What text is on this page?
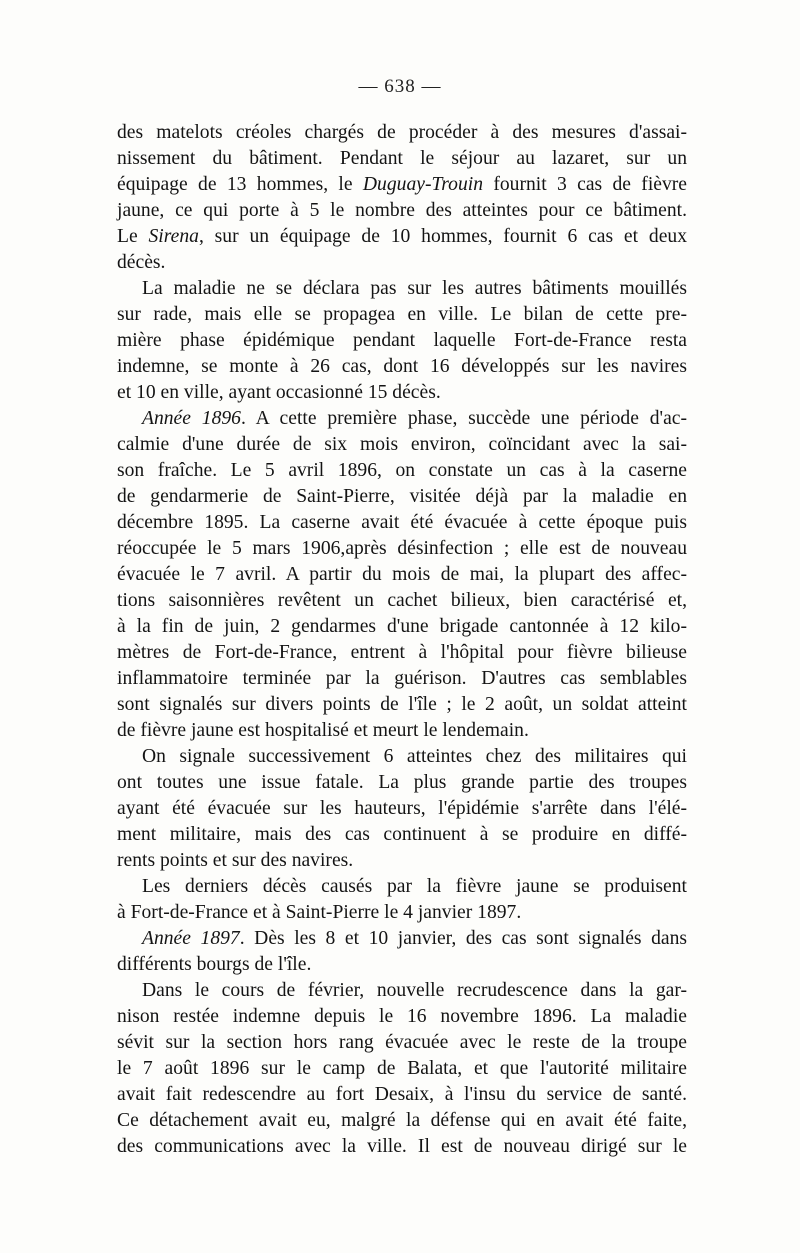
— 638 —
des matelots créoles chargés de procéder à des mesures d'assai-
nissement du bâtiment. Pendant le séjour au lazaret, sur un
équipage de 13 hommes, le Duguay-Trouin fournit 3 cas de fièvre
jaune, ce qui porte à 5 le nombre des atteintes pour ce bâtiment.
Le Sirena, sur un équipage de 10 hommes, fournit 6 cas et deux
décès.
La maladie ne se déclara pas sur les autres bâtiments mouillés
sur rade, mais elle se propagea en ville. Le bilan de cette pre-
mière phase épidémique pendant laquelle Fort-de-France resta
indemne, se monte à 26 cas, dont 16 développés sur les navires
et 10 en ville, ayant occasionné 15 décès.
Année 1896. A cette première phase, succède une période d'ac-
calmie d'une durée de six mois environ, coïncidant avec la sai-
son fraîche. Le 5 avril 1896, on constate un cas à la caserne
de gendarmerie de Saint-Pierre, visitée déjà par la maladie en
décembre 1895. La caserne avait été évacuée à cette époque puis
réoccupée le 5 mars 1906,après désinfection ; elle est de nouveau
évacuée le 7 avril. A partir du mois de mai, la plupart des affec-
tions saisonnières revêtent un cachet bilieux, bien caractérisé et,
à la fin de juin, 2 gendarmes d'une brigade cantonnée à 12 kilo-
mètres de Fort-de-France, entrent à l'hôpital pour fièvre bilieuse
inflammatoire terminée par la guérison. D'autres cas semblables
sont signalés sur divers points de l'île ; le 2 août, un soldat atteint
de fièvre jaune est hospitalisé et meurt le lendemain.
On signale successivement 6 atteintes chez des militaires qui
ont toutes une issue fatale. La plus grande partie des troupes
ayant été évacuée sur les hauteurs, l'épidémie s'arrête dans l'élé-
ment militaire, mais des cas continuent à se produire en diffé-
rents points et sur des navires.
Les derniers décès causés par la fièvre jaune se produisent
à Fort-de-France et à Saint-Pierre le 4 janvier 1897.
Année 1897. Dès les 8 et 10 janvier, des cas sont signalés dans
différents bourgs de l'île.
Dans le cours de février, nouvelle recrudescence dans la gar-
nison restée indemne depuis le 16 novembre 1896. La maladie
sévit sur la section hors rang évacuée avec le reste de la troupe
le 7 août 1896 sur le camp de Balata, et que l'autorité militaire
avait fait redescendre au fort Desaix, à l'insu du service de santé.
Ce détachement avait eu, malgré la défense qui en avait été faite,
des communications avec la ville. Il est de nouveau dirigé sur le
